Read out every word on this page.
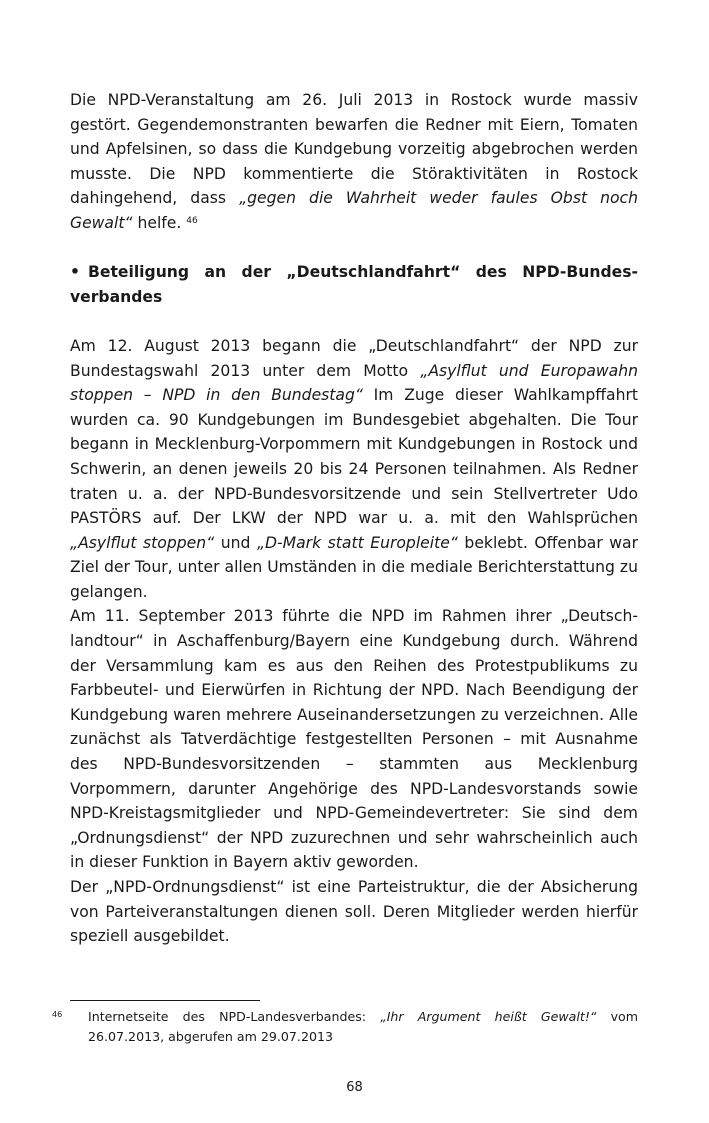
Die NPD-Veranstaltung am 26. Juli 2013 in Rostock wurde massiv gestört. Gegendemonstranten bewarfen die Redner mit Eiern, Tomaten und Apfelsinen, so dass die Kundgebung vorzeitig abgebrochen werden musste. Die NPD kommentierte die Störaktivitäten in Rostock dahingehend, dass „gegen die Wahrheit weder faules Obst noch Gewalt“ helfe. $^{46}$

• Beteiligung an der „Deutschlandfahrt“ des NPD-Bundesverbandes

Am 12. August 2013 begann die „Deutschlandfahrt“ der NPD zur Bundestagswahl 2013 unter dem Motto „Asylflut und Europawahn stoppen – NPD in den Bundestag“ Im Zuge dieser Wahlkampffahrt wurden ca. 90 Kundgebungen im Bundesgebiet abgehalten. Die Tour begann in Mecklenburg-Vorpommern mit Kundgebungen in Rostock und Schwerin, an denen jeweils 20 bis 24 Personen teilnahmen. Als Redner traten u. a. der NPD-Bundesvorsitzende und sein Stellvertreter Udo PASTÖRS auf. Der LKW der NPD war u. a. mit den Wahlsprüchen „Asylflut stoppen“ und „D-Mark statt Europleite“ beklebt. Offenbar war Ziel der Tour, unter allen Umständen in die mediale Berichterstattung zu gelangen.

Am 11. September 2013 führte die NPD im Rahmen ihrer „Deutschlandtour“ in Aschaffenburg/Bayern eine Kundgebung durch. Während der Versammlung kam es aus den Reihen des Protestpublikums zu Farbbeutel- und Eierwürfen in Richtung der NPD. Nach Beendigung der Kundgebung waren mehrere Auseinandersetzungen zu verzeichnen. Alle zunächst als Tatverdächtige festgestellten Personen – mit Ausnahme des NPD-Bundesvorsitzenden – stammten aus Mecklenburg Vorpommern, darunter Angehörige des NPD-Landesvorstands sowie NPD-Kreistagsmitglieder und NPD-Gemeindevertreter: Sie sind dem „Ordnungsdienst“ der NPD zuzurechnen und sehr wahrscheinlich auch in dieser Funktion in Bayern aktiv geworden.

Der „NPD-Ordnungsdienst“ ist eine Parteistruktur, die der Absicherung von Parteiveranstaltungen dienen soll. Deren Mitglieder werden hierfür speziell ausgebildet.

46 Internetseite des NPD-Landesverbandes: „Ihr Argument heißt Gewalt!“ vom 26.07.2013, abgerufen am 29.07.2013
68
